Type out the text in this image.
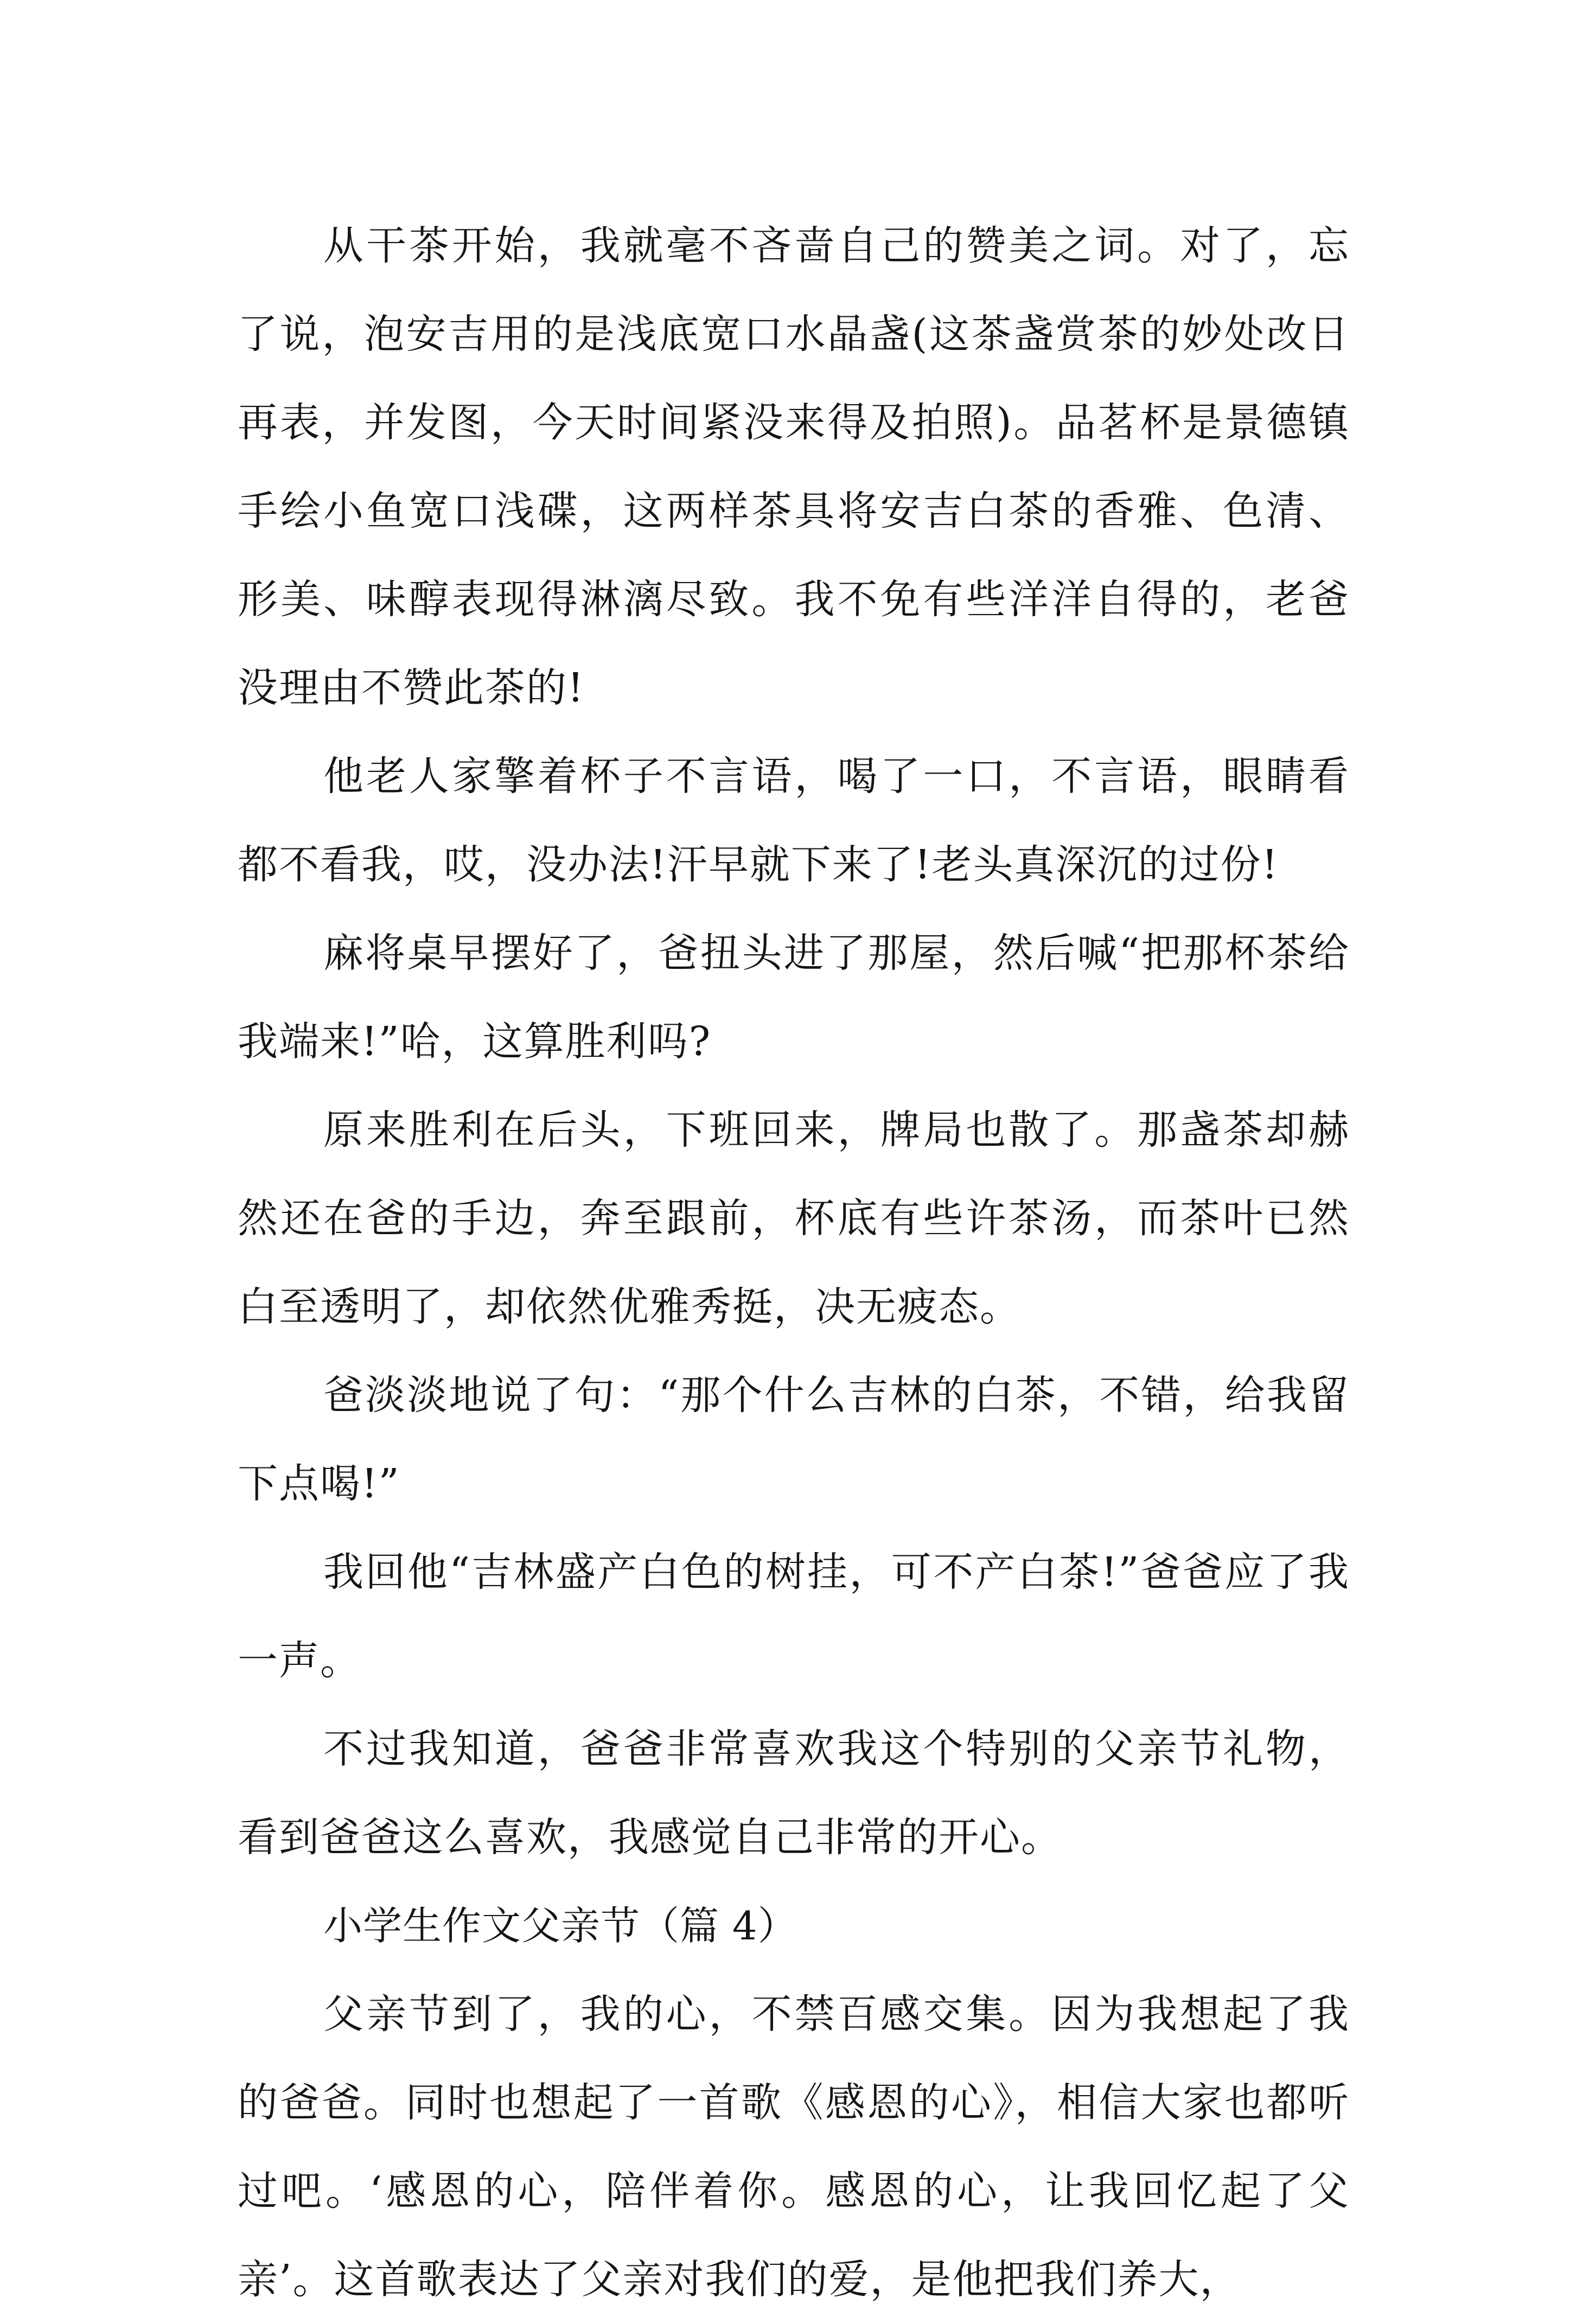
从干茶开始，我就毫不吝啬自己的赞美之词。对了，忘了说，泡安吉用的是浅底宽口水晶盏(这茶盏赏茶的妙处改日再表，并发图，今天时间紧没来得及拍照)。品茗杯是景德镇手绘小鱼宽口浅碟，这两样茶具将安吉白茶的香雅、色清、形美、味醇表现得淋漓尽致。我不免有些洋洋自得的，老爸没理由不赞此茶的!

他老人家擎着杯子不言语，喝了一口，不言语，眼睛看都不看我，哎，没办法!汗早就下来了!老头真深沉的过份!

麻将桌早摆好了，爸扭头进了那屋，然后喊“把那杯茶给我端来!”哈，这算胜利吗?

原来胜利在后头，下班回来，牌局也散了。那盏茶却赫然还在爸的手边，奔至跟前，杯底有些许茶汤，而茶叶已然白至透明了，却依然优雅秀挺，决无疲态。

爸淡淡地说了句：“那个什么吉林的白茶，不错，给我留下点喝!”

我回他“吉林盛产白色的树挂，可不产白茶!”爸爸应了我一声。

不过我知道，爸爸非常喜欢我这个特别的父亲节礼物，看到爸爸这么喜欢，我感觉自己非常的开心。

小学生作文父亲节（篇 4）

父亲节到了，我的心，不禁百感交集。因为我想起了我的爸爸。同时也想起了一首歌《感恩的心》，相信大家也都听过吧。‘感恩的心，陪伴着你。感恩的心，让我回忆起了父亲’。这首歌表达了父亲对我们的爱，是他把我们养大，
